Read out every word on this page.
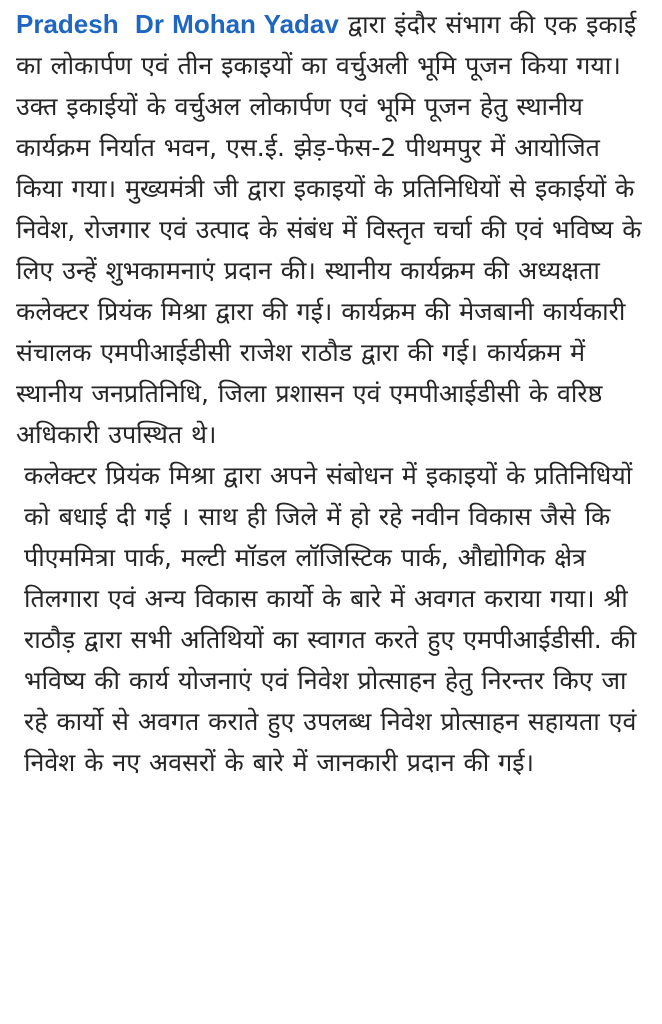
Pradesh  Dr Mohan Yadav द्वारा इंदौर संभाग की एक इकाई का लोकार्पण एवं तीन इकाइयों का वर्चुअली भूमि पूजन किया गया। उक्त इकाईयों के वर्चुअल लोकार्पण एवं भूमि पूजन हेतु स्थानीय कार्यक्रम निर्यात भवन, एस.ई. झेड़-फेस-2 पीथमपुर में आयोजित किया गया। मुख्यमंत्री जी द्वारा इकाइयों के प्रतिनिधियों से इकाईयों के निवेश, रोजगार एवं उत्पाद के संबंध में विस्तृत चर्चा की एवं भविष्य के लिए उन्हें शुभकामनाएं प्रदान की। स्थानीय कार्यक्रम की अध्यक्षता कलेक्टर प्रियंक मिश्रा द्वारा की गई। कार्यक्रम की मेजबानी कार्यकारी संचालक एमपीआईडीसी राजेश राठौड द्वारा की गई। कार्यक्रम में स्थानीय जनप्रतिनिधि, जिला प्रशासन एवं एमपीआईडीसी के वरिष्ठ अधिकारी उपस्थित थे।

कलेक्टर प्रियंक मिश्रा द्वारा अपने संबोधन में इकाइयों के प्रतिनिधियों को बधाई दी गई । साथ ही जिले में हो रहे नवीन विकास जैसे कि पीएममित्रा पार्क, मल्टी मॉडल लॉजिस्टिक पार्क, औद्योगिक क्षेत्र तिलगारा एवं अन्य विकास कार्यो के बारे में अवगत कराया गया। श्री राठौड़ द्वारा सभी अतिथियों का स्वागत करते हुए एमपीआईडीसी. की भविष्य की कार्य योजनाएं एवं निवेश प्रोत्साहन हेतु निरन्तर किए जा रहे कार्यो से अवगत कराते हुए उपलब्ध निवेश प्रोत्साहन सहायता एवं निवेश के नए अवसरों के बारे में जानकारी प्रदान की गई।
